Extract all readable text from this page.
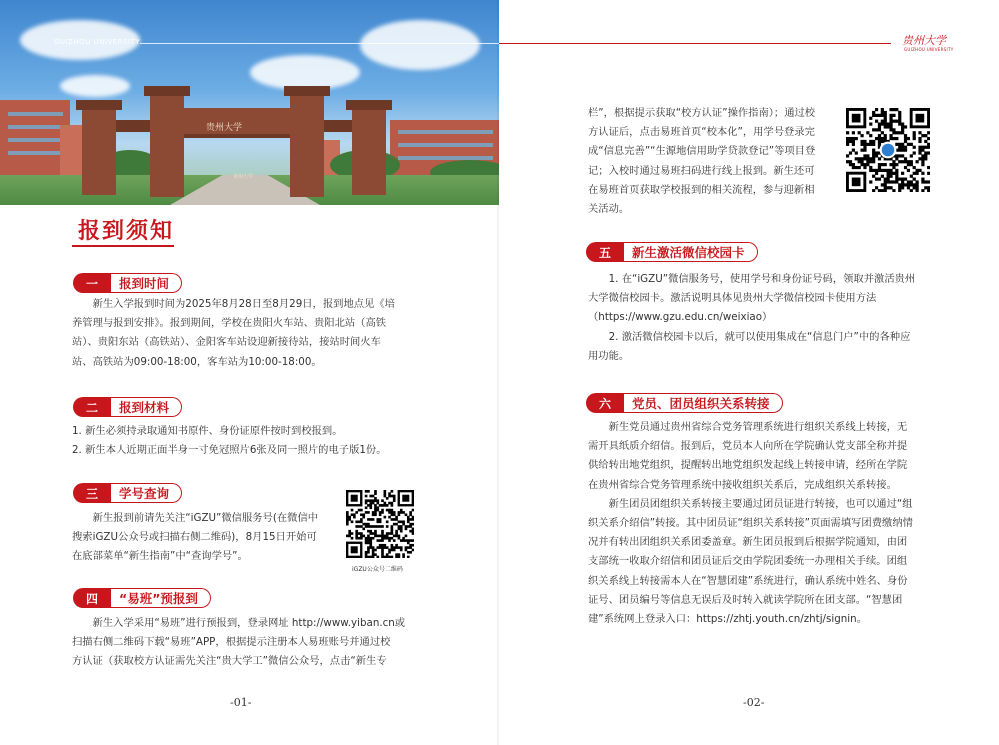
GUIZHOU UNIVERSITY
贵州大学
贵州大学
报到须知
一	报到时间

新生入学报到时间为2025年8月28日至8月29日，报到地点见《培

养管理与报到安排》。报到期间，学校在贵阳火车站、贵阳北站（高铁

站）、贵阳东站（高铁站）、金阳客车站设迎新接待站，接站时间火车

站、高铁站为09:00-18:00，客车站为10:00-18:00。

二	报到材料

1. 新生必须持录取通知书原件、身份证原件按时到校报到。

2. 新生本人近期正面半身一寸免冠照片6张及同一照片的电子版1份。

三	学号查询

新生报到前请先关注“iGZU”微信服务号(在微信中

搜索iGZU公众号或扫描右侧二维码)，8月15日开始可

在底部菜单“新生指南”中“查询学号”。

iGZU公众号二维码
四	“易班”预报到

新生入学采用“易班”进行预报到，登录网址 http://www.yiban.cn或

扫描右侧二维码下载“易班”APP，根据提示注册本人易班账号并通过校

方认证（获取校方认证需先关注“贵大学工”微信公众号，点击“新生专

-01-
贵州大学
GUIZHOU UNIVERSITY

栏”，根据提示获取“校方认证”操作指南）；通过校

方认证后，点击易班首页“校本化”，用学号登录完

成“信息完善”“生源地信用助学贷款登记”等项目登

记；入校时通过易班扫码进行线上报到。新生还可

在易班首页获取学校报到的相关流程，参与迎新相

关活动。

五	新生激活微信校园卡

1. 在“iGZU”微信服务号，使用学号和身份证号码，领取并激活贵州

大学微信校园卡。激活说明具体见贵州大学微信校园卡使用方法

（https://www.gzu.edu.cn/weixiao）

2. 激活微信校园卡以后，就可以使用集成在“信息门户”中的各种应

用功能。

六	党员、团员组织关系转接

新生党员通过贵州省综合党务管理系统进行组织关系线上转接，无

需开具纸质介绍信。报到后，党员本人向所在学院确认党支部全称并提

供给转出地党组织，提醒转出地党组织发起线上转接申请，经所在学院

在贵州省综合党务管理系统中接收组织关系后，完成组织关系转接。

新生团员团组织关系转接主要通过团员证进行转接，也可以通过“组

织关系介绍信”转接。其中团员证“组织关系转接”页面需填写团费缴纳情

况并有转出团组织关系团委盖章。新生团员报到后根据学院通知，由团

支部统一收取介绍信和团员证后交由学院团委统一办理相关手续。团组

织关系线上转接需本人在“智慧团建”系统进行，确认系统中姓名、身份

证号、团员编号等信息无误后及时转入就读学院所在团支部。“智慧团

建”系统网上登录入口：https://zhtj.youth.cn/zhtj/signin。

-02-
